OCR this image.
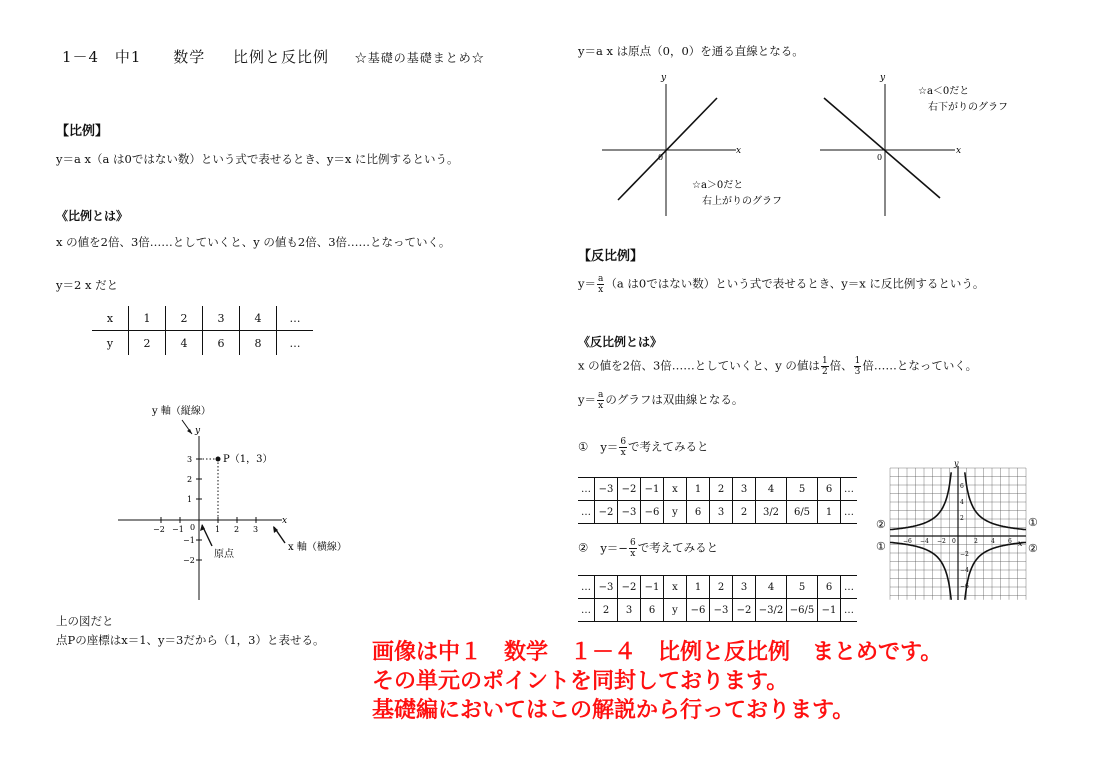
1－4 中1 数学 比例と反比例 ☆基礎の基礎まとめ☆
【比例】
y＝a x（a は0ではない数）という式で表せるとき、y＝x に比例するという。
《比例とは》
x の値を2倍、3倍……としていくと、y の値も2倍、3倍……となっていく。
y＝2 x だと
x	1	2	3	4	…
y	2	4	6	8	…
y 軸（縦線）
y
x
−2 −1 0 1 2 3
3
2
1
−1
−2
P（1，3）
原点
x 軸（横線）
上の図だと
点Pの座標はx＝1、y＝3だから（1，3）と表せる。
y＝a x は原点（0，0）を通る直線となる。
y
x
0
☆a＞0だと
右上がりのグラフ
y
x
0
☆a＜0だと
右下がりのグラフ
【反比例】
$y= \frac{a}{x} (a$ は0ではない数）という式で表せるとき、y＝x に反比例するという。
《反比例とは》
x の値を2倍、3倍……としていくと、y の値は $\frac{1}{2}$ 倍、 $\frac{1}{3}$ 倍……となっていく。
$y= \frac{a}{x}$ のグラフは双曲線となる。
① $y= \frac{6}{x}$ で考えてみると
…	−3	−2	−1	x	1	2	3	4	5	6	…
…	−2	−3	−6	y	6	3	2	3/2	6/5	1	…
② $y=- \frac{6}{x}$ で考えてみると
…	−3	−2	−1	x	1	2	3	4	5	6	…
…	2	3	6	y	−6	−3	−2	−3/2	−6/5	−1	…
y
x
0
−6 −4 −2	2 4 6
6
4
2
−2
−4
−6
②
①
①
②
画像は中１　数学　１－４　比例と反比例　まとめです。
その単元のポイントを同封しております。
基礎編においてはこの解説から行っております。
